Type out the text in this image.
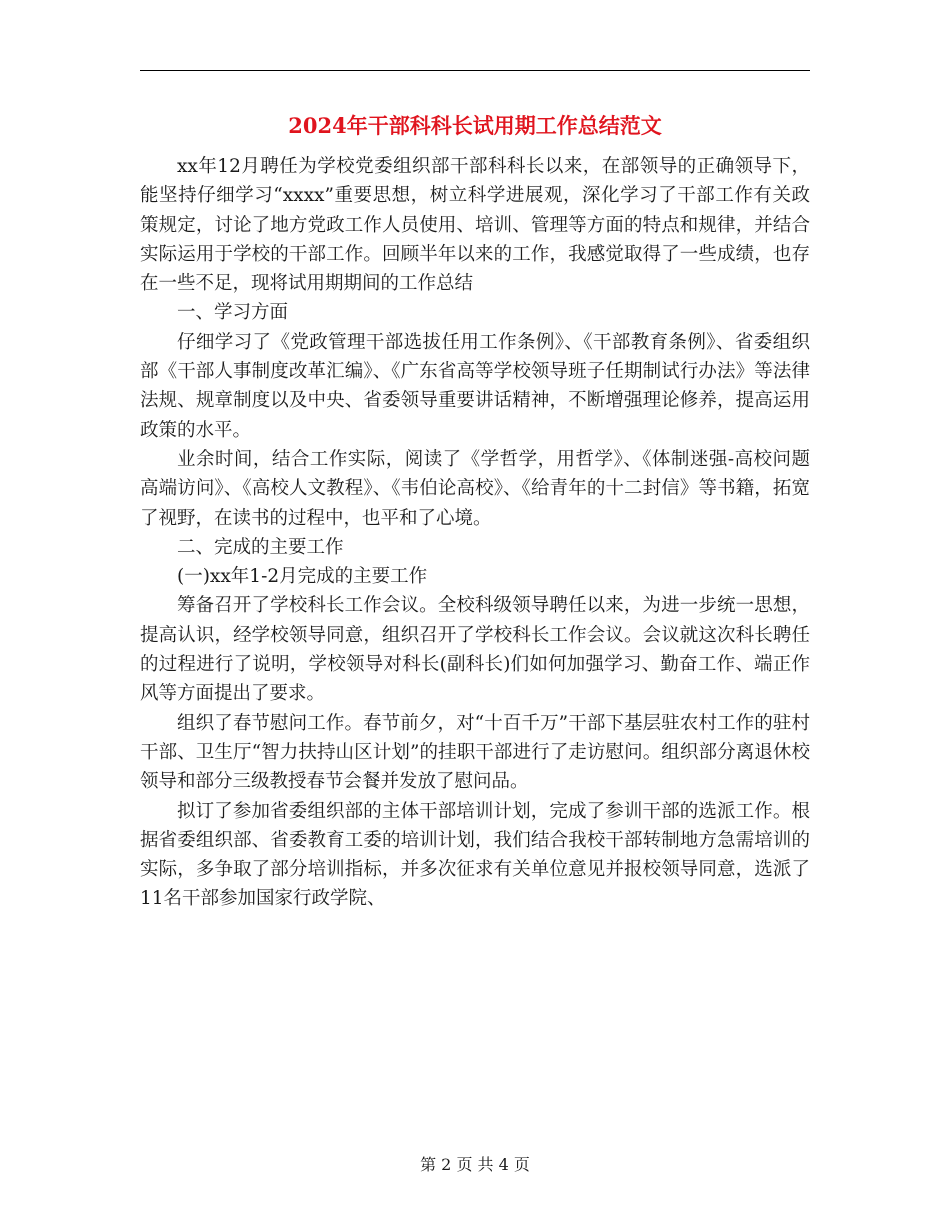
2024年干部科科长试用期工作总结范文

xx年12月聘任为学校党委组织部干部科科长以来，在部领导的正确领导下，能坚持仔细学习“xxxx”重要思想，树立科学进展观，深化学习了干部工作有关政策规定，讨论了地方党政工作人员使用、培训、管理等方面的特点和规律，并结合实际运用于学校的干部工作。回顾半年以来的工作，我感觉取得了一些成绩，也存在一些不足，现将试用期期间的工作总结

一、学习方面

仔细学习了《党政管理干部选拔任用工作条例》、《干部教育条例》、省委组织部《干部人事制度改革汇编》、《广东省高等学校领导班子任期制试行办法》等法律法规、规章制度以及中央、省委领导重要讲话精神，不断增强理论修养，提高运用政策的水平。

业余时间，结合工作实际，阅读了《学哲学，用哲学》、《体制迷强-高校问题高端访问》、《高校人文教程》、《韦伯论高校》、《给青年的十二封信》等书籍，拓宽了视野，在读书的过程中，也平和了心境。

二、完成的主要工作

(一)xx年1-2月完成的主要工作

筹备召开了学校科长工作会议。全校科级领导聘任以来，为进一步统一思想，提高认识，经学校领导同意，组织召开了学校科长工作会议。会议就这次科长聘任的过程进行了说明，学校领导对科长(副科长)们如何加强学习、勤奋工作、端正作风等方面提出了要求。

组织了春节慰问工作。春节前夕，对“十百千万”干部下基层驻农村工作的驻村干部、卫生厅“智力扶持山区计划”的挂职干部进行了走访慰问。组织部分离退休校领导和部分三级教授春节会餐并发放了慰问品。

拟订了参加省委组织部的主体干部培训计划，完成了参训干部的选派工作。根据省委组织部、省委教育工委的培训计划，我们结合我校干部转制地方急需培训的实际，多争取了部分培训指标，并多次征求有关单位意见并报校领导同意，选派了11名干部参加国家行政学院、

第 2 页 共 4 页
